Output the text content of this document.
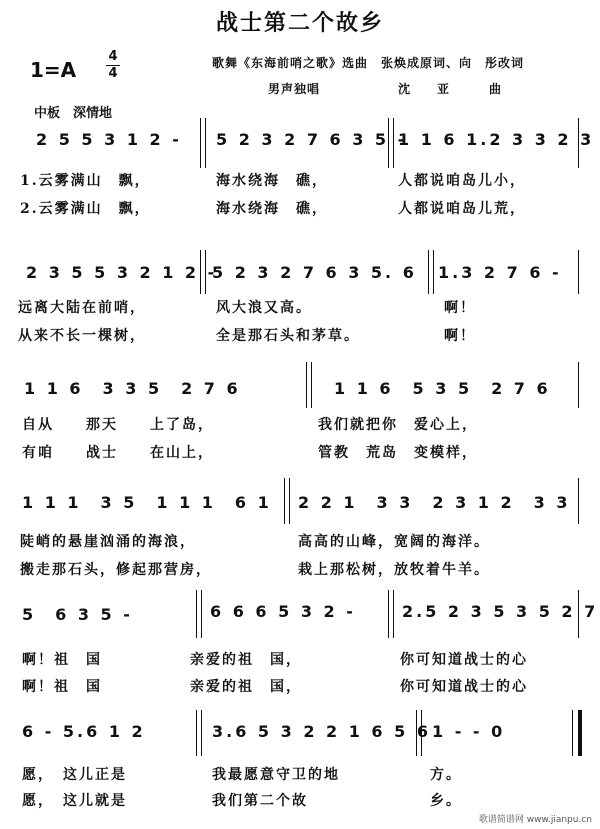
战士第二个故乡
1=A
4
4
歌舞《东海前哨之歌》选曲　张焕成原词、向　彤改词
男声独唱　　　　　　沈　　亚　　　曲
中板　深情地
2 5 5 3 1 2 - 5 2 3 2 7 6 3 5 -
1 1 6 1.2 3 3 2 3
1.云雾满山　飘，	海水绕海　礁，	人都说咱岛儿小，
2.云雾满山　飘，	海水绕海　礁，	人都说咱岛儿荒，
2 3 5 5 3 2 1 2 -
5 2 3 2 7 6 3 5. 6 1.3 2 7 6 -
远离大陆在前哨，	风大浪又高。	啊！
从来不长一棵树，	全是那石头和茅草。	啊！
1 1 6　3 3 5　2 7 6	1 1 6　5 3 5　2 7 6
自从　　那天　　上了岛，	我们就把你　爱心上，
有咱　　战士　　在山上，	管教　荒岛　变模样，
1 1 1　3 5　1 1 1　6 1 2 2 1　3 3　2 3 1 2　3 3
陡峭的悬崖汹涌的海浪，	高高的山峰，宽阔的海洋。
搬走那石头，修起那营房，	栽上那松树，放牧着牛羊。
5　6 3 5 -	6 6 6 5 3 2 -	2.5 2 3 5 3 5 2 7
啊！祖　国	亲爱的祖　国，	你可知道战士的心
啊！祖　国	亲爱的祖　国，	你可知道战士的心
6 - 5.6 1 2	3.6 5 3 2 2 1 6 5 6 1 - - 0
愿，　这儿正是	我最愿意守卫的地	方。
愿，　这儿就是	我们第二个故	乡。
歌谱简谱网 www.jianpu.cn
